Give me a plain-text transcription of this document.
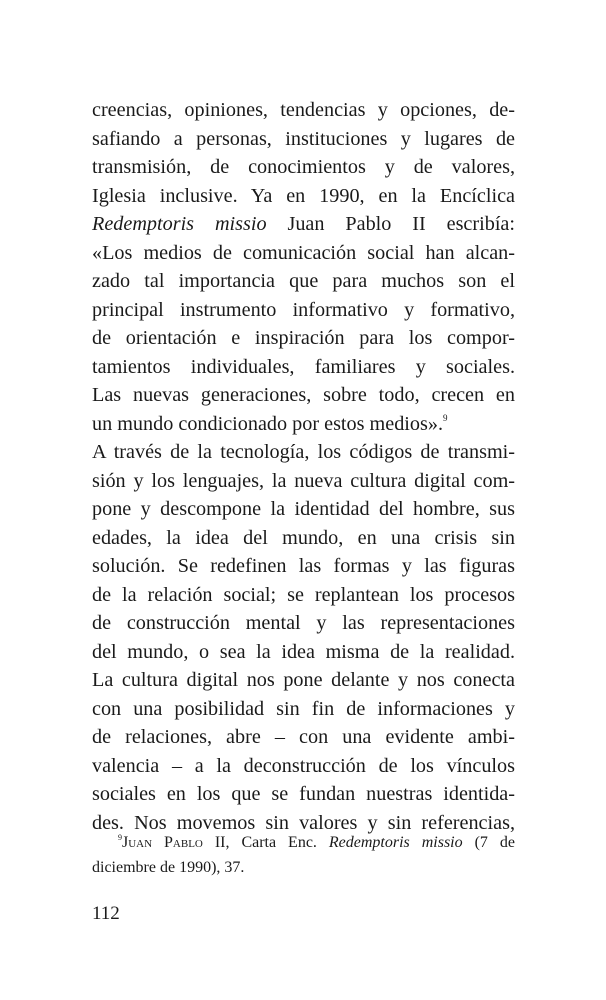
creencias, opiniones, tendencias y opciones, de-
safiando a personas, instituciones y lugares de
transmisión, de conocimientos y de valores,
Iglesia inclusive. Ya en 1990, en la Encíclica
Redemptoris missio Juan Pablo II escribía:
«Los medios de comunicación social han alcan-
zado tal importancia que para muchos son el
principal instrumento informativo y formativo,
de orientación e inspiración para los compor-
tamientos individuales, familiares y sociales.
Las nuevas generaciones, sobre todo, crecen en
un mundo condicionado por estos medios».$^9$
A través de la tecnología, los códigos de transmi-
sión y los lenguajes, la nueva cultura digital com-
pone y descompone la identidad del hombre, sus
edades, la idea del mundo, en una crisis sin
solución. Se redefinen las formas y las figuras
de la relación social; se replantean los procesos
de construcción mental y las representaciones
del mundo, o sea la idea misma de la realidad.
La cultura digital nos pone delante y nos conecta
con una posibilidad sin fin de informaciones y
de relaciones, abre – con una evidente ambi-
valencia – a la deconstrucción de los vínculos
sociales en los que se fundan nuestras identida-
des. Nos movemos sin valores y sin referencias,
$^9$Juan Pablo II, Carta Enc. Redemptoris missio (7 de
diciembre de 1990), 37.
112
